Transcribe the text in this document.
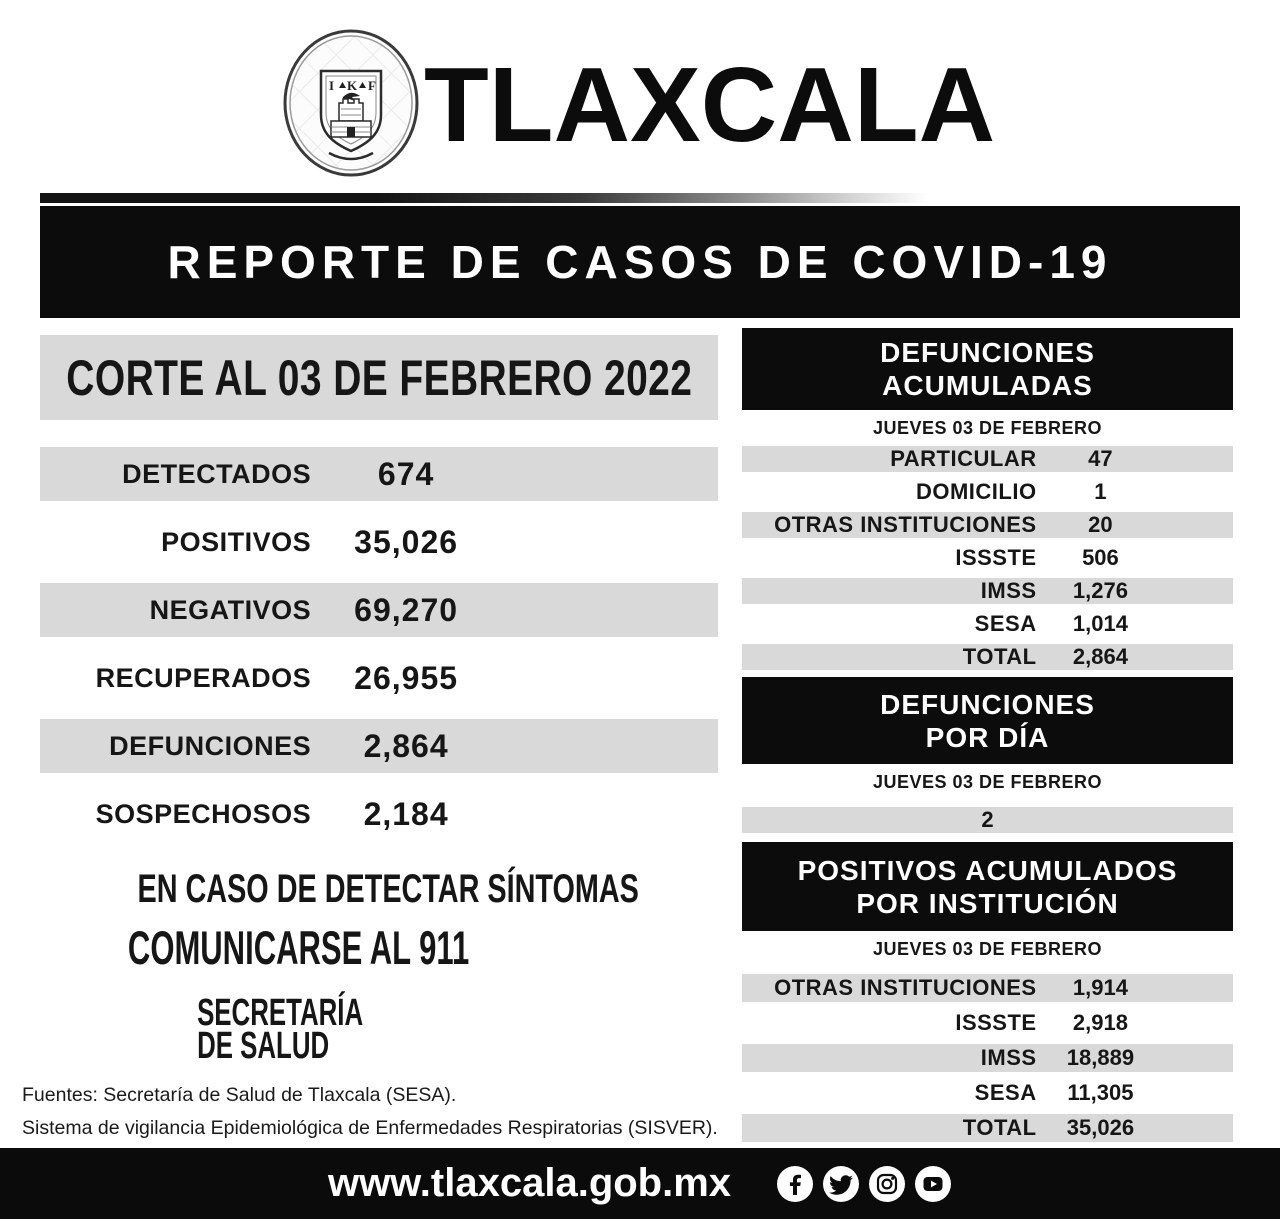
I K F TLAXCALA
REPORTE DE CASOS DE COVID-19
CORTE AL 03 DE FEBRERO 2022
DETECTADOS	674
POSITIVOS	35,026
NEGATIVOS	69,270
RECUPERADOS	26,955
DEFUNCIONES	2,864
SOSPECHOSOS	2,184
EN CASO DE DETECTAR SÍNTOMAS
COMUNICARSE AL 911
SECRETARÍA
DE SALUD
Fuentes: Secretaría de Salud de Tlaxcala (SESA).
Sistema de vigilancia Epidemiológica de Enfermedades Respiratorias (SISVER).
DEFUNCIONES
ACUMULADAS
JUEVES 03 DE FEBRERO
PARTICULAR	47
DOMICILIO	1
OTRAS INSTITUCIONES	20
ISSSTE	506
IMSS	1,276
SESA	1,014
TOTAL	2,864
DEFUNCIONES
POR DÍA
JUEVES 03 DE FEBRERO
2
POSITIVOS ACUMULADOS
POR INSTITUCIÓN
JUEVES 03 DE FEBRERO
OTRAS INSTITUCIONES	1,914
ISSSTE	2,918
IMSS	18,889
SESA	11,305
TOTAL	35,026
www.tlaxcala.gob.mx
